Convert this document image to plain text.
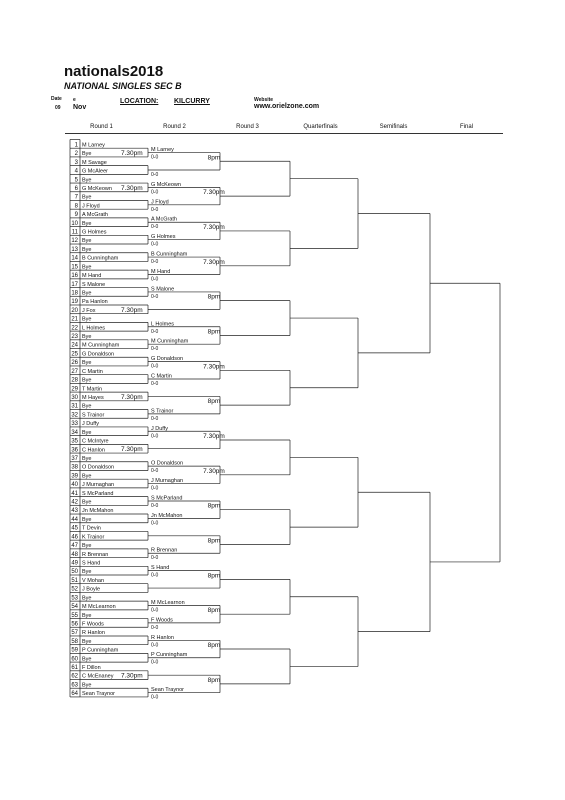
nationals2018
NATIONAL SINGLES SEC B
Date e
09 Nov
LOCATION: KILCURRY	Website
www.orielzone.com
Round 1	Round 2	Round 3	Quarterfinals	Semifinals	Final
1 M Larney
2 Bye
3 M Savage
4 G McAleer
5 Bye
6 G McKeown
7 Bye
8 J Floyd
9 A McGrath
10 Bye
11 G Holmes
12 Bye
13 Bye
14 B Cunningham
15 Bye
16 M Hand
17 S Malone
18 Bye
19 Pa Hanlon
20 J Fox
21 Bye
22 L Holmes
23 Bye
24 M Cunningham
25 G Donaldson
26 Bye
27 C Martin
28 Bye
29 T Martin
30 M Hayes
31 Bye
32 S Trainor
33 J Duffy
34 Bye
35 C McIntyre
36 C Hanlon
37 Bye
38 O Donaldson
39 Bye
40 J Murnaghan
41 S McParland
42 Bye
43 Jn McMahon
44 Bye
45 T Devin
46 K Trainor
47 Bye
48 R Brennan
49 S Hand
50 Bye
51 V Mohan
52 J Boyle
53 Bye
54 M McLearnon
55 Bye
56 F Woods
57 R Hanlon
58 Bye
59 P Cunningham
60 Bye
61 F Dillon
62 C McEnaney
63 Bye
64 Sean Traynor
7.30pm
7.30pm
7.30pm
7.30pm
7.30pm
7.30pm
M Larney
0-0
0-0
G McKeown
0-0
J Floyd
0-0
A McGrath
0-0
G Holmes
0-0
B Cunningham
0-0
M Hand
0-0
S Malone
0-0
L Holmes
0-0
M Cunningham
0-0
G Donaldson
0-0
C Martin
0-0
S Trainor
0-0
J Duffy
0-0
O Donaldson
0-0
J Murnaghan
0-0
S McParland
0-0
Jn McMahon
0-0
R Brennan
0-0
S Hand
0-0
M McLearnon
0-0
F Woods
0-0
R Hanlon
0-0
P Cunningham
0-0
Sean Traynor
0-0
8pm
7.30pm
7.30pm
7.30pm
8pm
8pm
7.30pm
8pm
7.30pm
7.30pm
8pm
8pm
8pm
8pm
8pm
8pm
